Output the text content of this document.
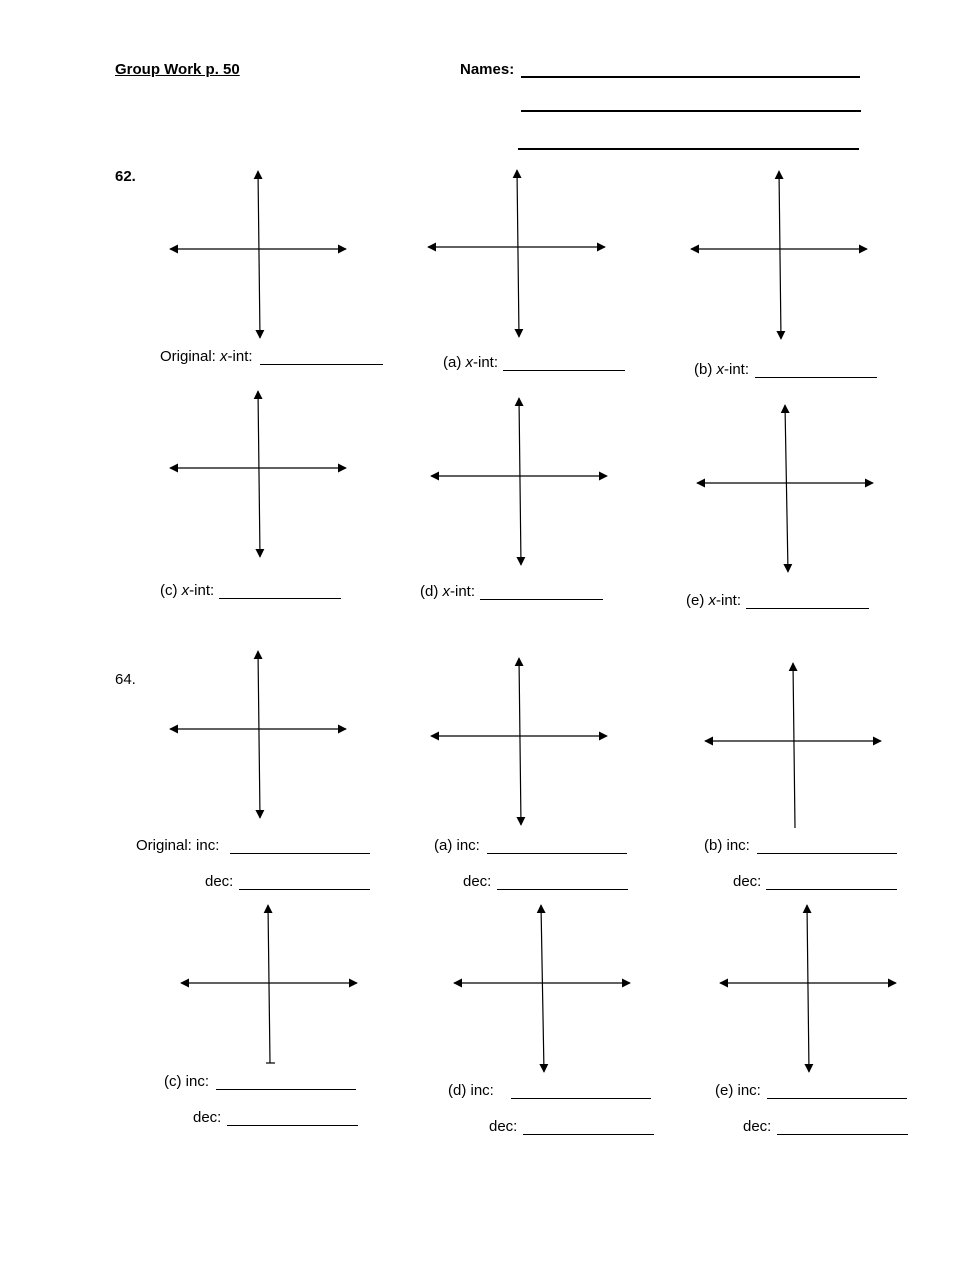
Group Work p. 50	Names:
62.
64.
Original: x-int:	(a) x-int:	(b) x-int:
(c) x-int:	(d) x-int:
(e) x-int:
Original: inc:
dec:
(a) inc:
dec:
(b) inc:
dec:
(c) inc:
dec:
(d) inc:
dec:
(e) inc:
dec:
